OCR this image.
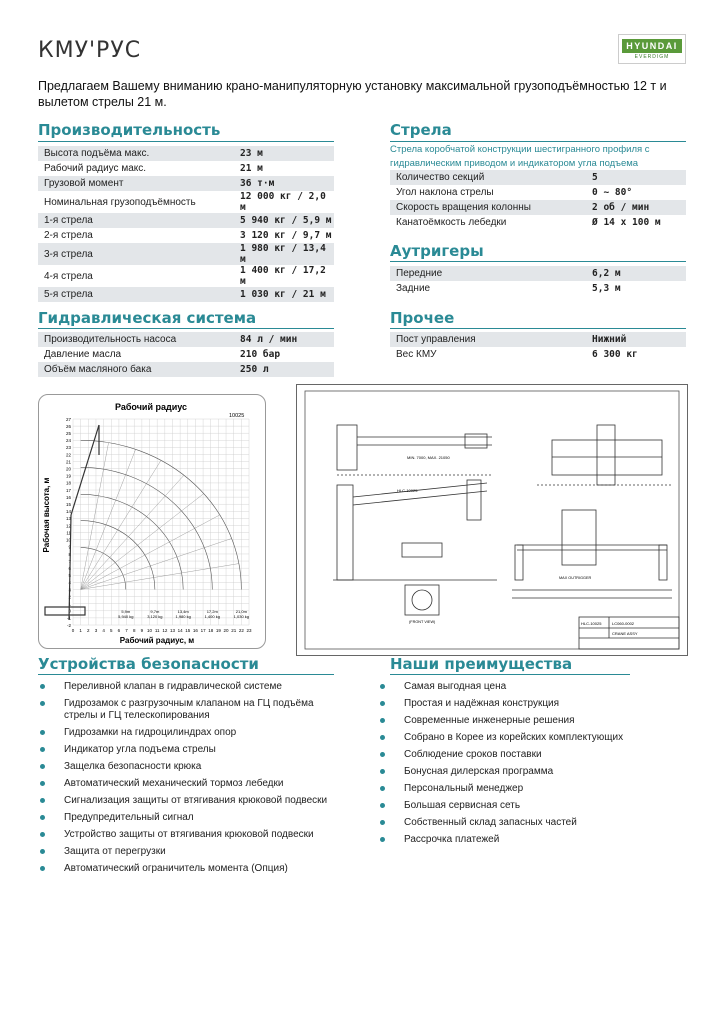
КМУ'РУС	HYUNDAI
EVERDIGM
Предлагаем Вашему вниманию крано-манипуляторную установку максимальной грузоподъёмностью 12 т и вылетом стрелы 21 м.
Производительность
Высота подъёма макс.	23 м
Рабочий радиус макс.	21 м
Грузовой момент	36 т·м
Номинальная грузоподъёмность	12 000 кг / 2,0 м
1-я стрела	5 940 кг / 5,9 м
2-я стрела	3 120 кг / 9,7 м
3-я стрела	1 980 кг / 13,4 м
4-я стрела	1 400 кг / 17,2 м
5-я стрела	1 030 кг / 21 м
Стрела
Стрела коробчатой конструкции шестигранного профиля с гидравлическим приводом и индикатором угла подъема
Количество секций	5
Угол наклона стрелы	0 ~ 80°
Скорость вращения колонны	2 об / мин
Канатоёмкость лебедки	Ø 14 х 100 м
Аутригеры
Передние	6,2 м
Задние	5,3 м
Гидравлическая система
Производительность насоса	84 л / мин
Давление масла	210 бар
Объём масляного бака	250 л
Прочее
Пост управления	Нижний
Вес КМУ	6 300 кг
Рабочий радиус
10025
Рабочая высота, м
Рабочий радиус, м
27
26
25
24
23
22
21
20
19
18
17
16
15
14
13
12
11
10
9
8
7
6
5
4
3
2
1
0
-1
-2
0 1 2 3 4 5 6 7 8 9 10 11 12 13 14 15 16 17 18 19 20 21 22 23
5,9m
5,940 kg
9,7m
3,120 kg
13,4m
1,980 kg
17,2m
1,400 kg
21,0m
1,030 kg
MIN. 7000, MAX. 21050
HLC-10025
(FRONT VIEW)
MAX OUTRIGGER
HLC-10025	LC060-0002
CRANE ASSY
Устройства безопасности
Переливной клапан в гидравлической системе
Гидрозамок с разгрузочным клапаном на ГЦ подъёма стрелы и ГЦ телескопирования
Гидрозамки на гидроцилиндрах опор
Индикатор угла подъема стрелы
Защелка безопасности крюка
Автоматический механический тормоз лебедки
Сигнализация защиты от втягивания крюковой подвески
Предупредительный сигнал
Устройство защиты от втягивания крюковой подвески
Защита от перегрузки
Автоматический ограничитель момента (Опция)
Наши преимущества
Самая выгодная цена
Простая и надёжная конструкция
Современные инженерные решения
Собрано в Корее из корейских комплектующих
Соблюдение сроков поставки
Бонусная дилерская программа
Персональный менеджер
Большая сервисная сеть
Собственный склад запасных частей
Рассрочка платежей
